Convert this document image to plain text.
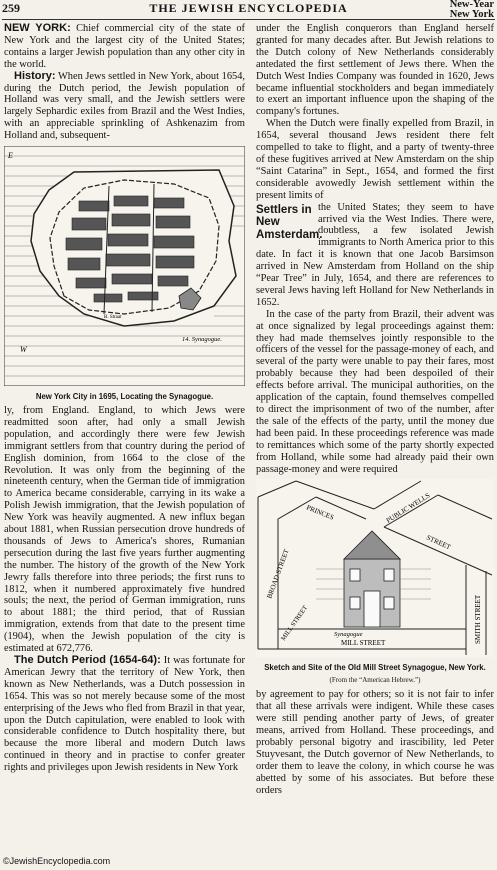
259	THE JEWISH ENCYCLOPEDIA	New-Year
New York

NEW YORK: Chief commercial city of the state of New York and the largest city of the United States; contains a larger Jewish population than any other city in the world.

History: When Jews settled in New York, about 1654, during the Dutch period, the Jewish population of Holland was very small, and the Jewish settlers were largely Sephardic exiles from Brazil and the West Indies, with an appreciable sprinkling of Ashkenazim from Holland and, subsequent-

E
W
B. Straat
14. Synagogue.
New York City in 1695, Locating the Synagogue.

ly, from England. England, to which Jews were readmitted soon after, had only a small Jewish population, and accordingly there were few Jewish immigrant settlers from that country during the period of English dominion, from 1664 to the close of the Revolution. It was only from the beginning of the nineteenth century, when the German tide of immigration to America became considerable, carrying in its wake a Polish Jewish immigration, that the Jewish population of New York was heavily augmented. A new influx began about 1881, when Russian persecution drove hundreds of thousands of Jews to America's shores, Rumanian persecution during the last five years further augmenting the number. The history of the growth of the New York Jewry falls therefore into three periods; the first runs to 1812, when it numbered approximately five hundred souls; the next, the period of German immigration, runs to about 1881; the third period, that of Russian immigration, extends from that date to the present time (1904), when the Jewish population of the city is estimated at 672,776.

The Dutch Period (1654-64): It was fortunate for American Jewry that the territory of New York, then known as New Netherlands, was a Dutch possession in 1654. This was so not merely because some of the most enterprising of the Jews who fled from Brazil in that year, upon the Dutch capitulation, were enabled to look with considerable confidence to Dutch hospitality there, but because the more liberal and modern Dutch laws continued in theory and in practise to confer greater rights and privileges upon Jewish residents in New York

under the English conquerors than England herself granted for many decades after. But Jewish relations to the Dutch colony of New Netherlands considerably antedated the first settlement of Jews there. When the Dutch West Indies Company was founded in 1620, Jews became influential stockholders and began immediately to exert an important influence upon the shaping of the company's fortunes.

When the Dutch were finally expelled from Brazil, in 1654, several thousand Jews resident there felt compelled to take to flight, and a party of twenty-three of these fugitives arrived at New Amsterdam on the ship “Saint Catarina” in Sept., 1654, and formed the first considerable avowedly Jewish settlement within the present limits of

Settlers in New Amsterdam.

the United States; they seem to have arrived via the West Indies. There were, doubtless, a few isolated Jewish immigrants to North America prior to this date. In fact it is known that one Jacob Barsimson arrived in New Amsterdam from Holland on the ship “Pear Tree” in July, 1654, and there are references to several Jews having left Holland for New Netherlands in 1652.

In the case of the party from Brazil, their advent was at once signalized by legal proceedings against them: they had made themselves jointly responsible to the officers of the vessel for the passage-money of each, and several of the party were unable to pay their fares, most probably because they had been despoiled of their effects before arrival. The municipal authorities, on the application of the captain, found themselves compelled to direct the imprisonment of two of the number, after the sale of the effects of the party, until the money due had been paid. In these proceedings reference was made to remittances which some of the party shortly expected from Holland, while some had already paid their own passage-money and were required

PRINCES	PUBLIC WELLS
BROAD STREET
STREET
SMITH STREET
MILL STREET
MILL STREET
Synagogue
Sketch and Site of the Old Mill Street Synagogue, New York.
(From the “American Hebrew.”)

by agreement to pay for others; so it is not fair to infer that all these arrivals were indigent. While these cases were still pending another party of Jews, of greater means, arrived from Holland. These proceedings, and probably personal bigotry and irascibility, led Peter Stuyvesant, the Dutch governor of New Netherlands, to order them to leave the colony, in which course he was abetted by some of his associates. But before these orders

©JewishEncyclopedia.com
